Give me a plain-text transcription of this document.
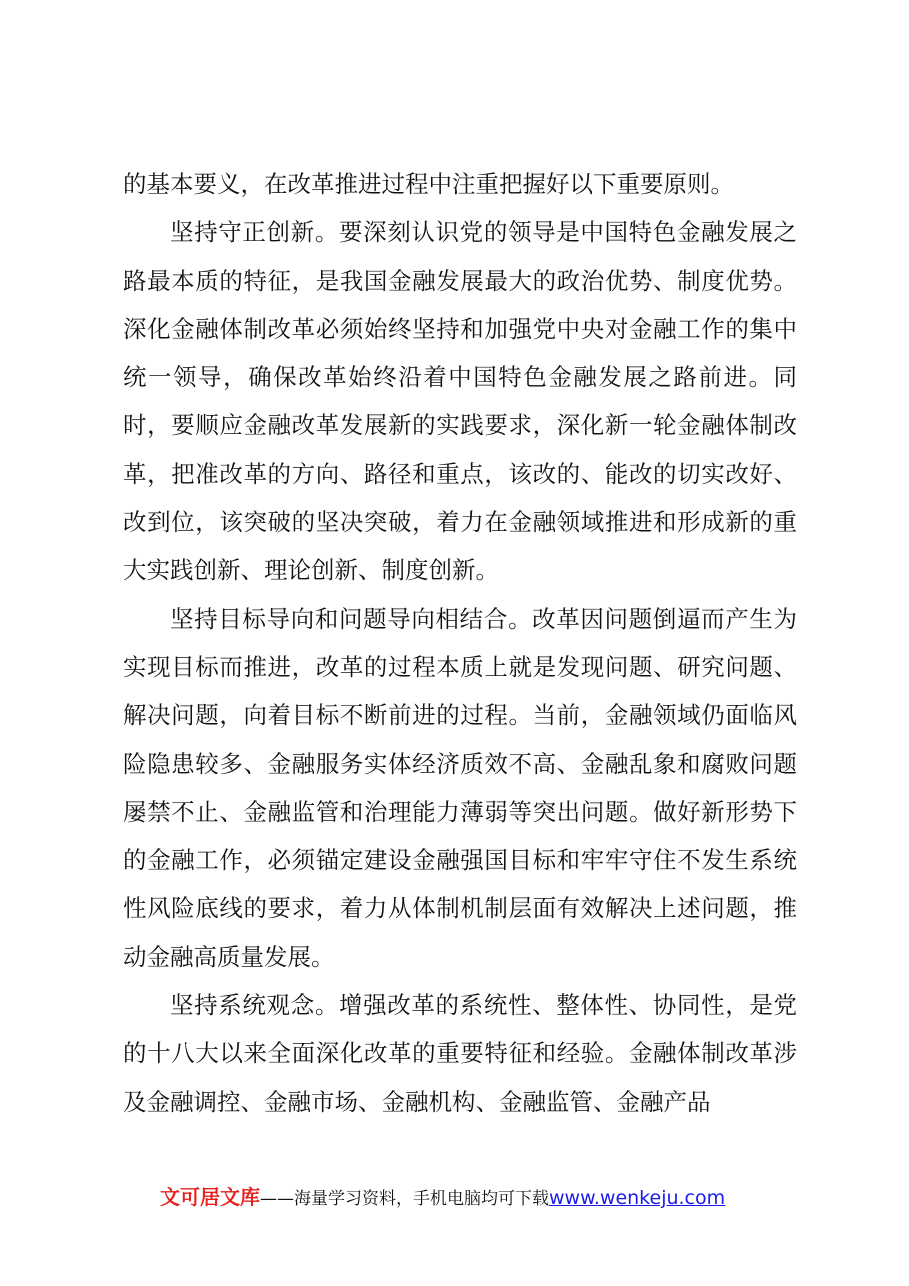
的基本要义，在改革推进过程中注重把握好以下重要原则。

坚持守正创新。要深刻认识党的领导是中国特色金融发展之路最本质的特征，是我国金融发展最大的政治优势、制度优势。深化金融体制改革必须始终坚持和加强党中央对金融工作的集中统一领导，确保改革始终沿着中国特色金融发展之路前进。同时，要顺应金融改革发展新的实践要求，深化新一轮金融体制改革，把准改革的方向、路径和重点，该改的、能改的切实改好、改到位，该突破的坚决突破，着力在金融领域推进和形成新的重大实践创新、理论创新、制度创新。

坚持目标导向和问题导向相结合。改革因问题倒逼而产生为实现目标而推进，改革的过程本质上就是发现问题、研究问题、解决问题，向着目标不断前进的过程。当前，金融领域仍面临风险隐患较多、金融服务实体经济质效不高、金融乱象和腐败问题屡禁不止、金融监管和治理能力薄弱等突出问题。做好新形势下的金融工作，必须锚定建设金融强国目标和牢牢守住不发生系统性风险底线的要求，着力从体制机制层面有效解决上述问题，推动金融高质量发展。

坚持系统观念。增强改革的系统性、整体性、协同性，是党的十八大以来全面深化改革的重要特征和经验。金融体制改革涉及金融调控、金融市场、金融机构、金融监管、金融产品

文可居文库——海量学习资料，手机电脑均可下载www.wenkeju.com
